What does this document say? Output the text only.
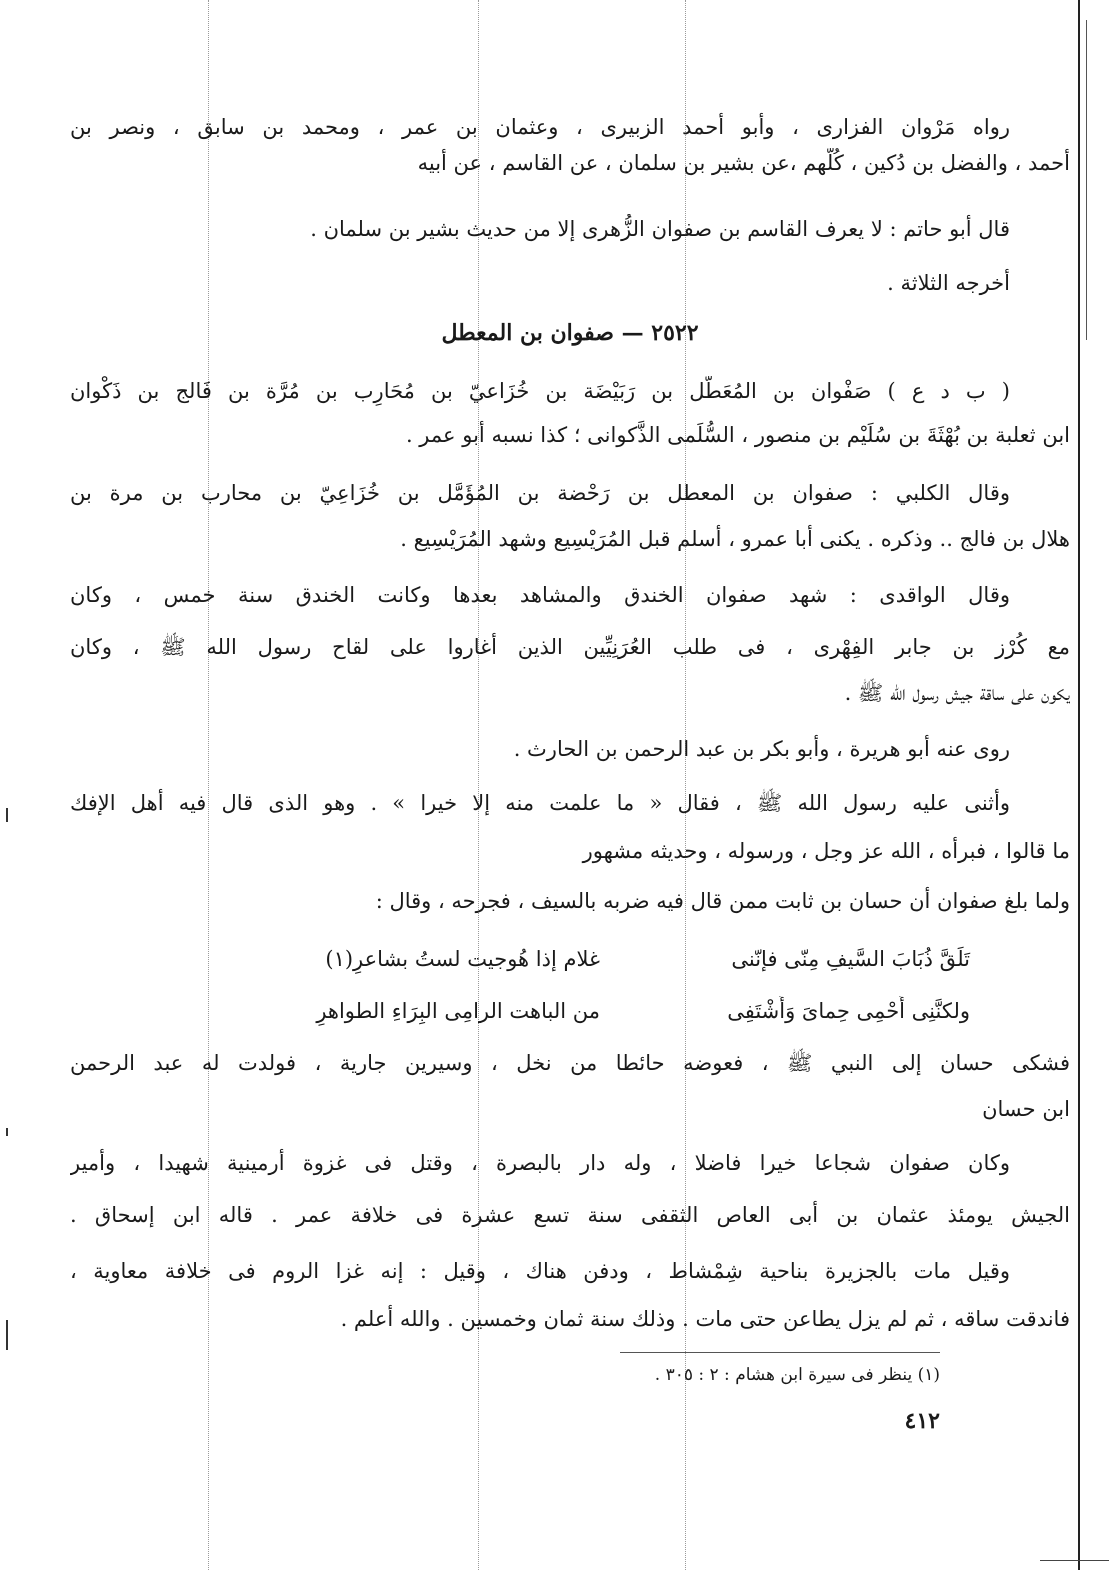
رواه مَرْوان الفزارى ، وأبو أحمد الزبيرى ، وعثمان بن عمر ، ومحمد بن سابق ، ونصر بن
أحمد ، والفضل بن دُكين ، كُلُّهم ،عن بشير بن سلمان ، عن القاسم ، عن أبيه
قال أبو حاتم : لا يعرف القاسم بن صفوان الزُّهرى إلا من حديث بشير بن سلمان .
أخرجه الثلاثة .
٢٥٢٢ — صفوان بن المعطل
( ب د ع ) صَفْوان بن المُعَطَّل بن رَبَيْضَة بن خُزَاعيّ بن مُحَارِب بن مُرَّة بن فَالج بن ذَكْوان
ابن ثعلبة بن بُهْثَةَ بن سُلَيْم بن منصور ، السُّلَمى الذَّكوانى ؛ كذا نسبه أبو عمر .
وقال الكلبي : صفوان بن المعطل بن رَحْضة بن المُؤَمَّل بن خُزَاعِيّ بن محارب بن مرة بن
هلال بن فالج .. وذكره . يكنى أبا عمرو ، أسلم قبل المُرَيْسِيع وشهد المُرَيْسِيع .
وقال الواقدى : شهد صفوان الخندق والمشاهد بعدها وكانت الخندق سنة خمس ، وكان
مع كُرْز بن جابر الفِهْرى ، فى طلب العُرَنِيِّين الذين أغاروا على لقاح رسول الله ﷺ ، وكان
يكون على ساقة جيش رسول الله ﷺ .
روى عنه أبو هريرة ، وأبو بكر بن عبد الرحمن بن الحارث .
وأثنى عليه رسول الله ﷺ ، فقال « ما علمت منه إلا خيرا » . وهو الذى قال فيه أهل الإفك
ما قالوا ، فبرأه ، الله عز وجل ، ورسوله ، وحديثه مشهور
ولما بلغ صفوان أن حسان بن ثابت ممن قال فيه ضربه بالسيف ، فجرحه ، وقال :
تَلَقَّ ذُبَابَ السَّيفِ مِنّى فإنّنىغلام إذا هُوجيت لستُ بشاعرِ(١)
ولكنَّنِى أَحْمِى حِماىَ وَأَشْتَفِىمن الباهت الرامِى البِرَاءِ الطواهرِ
فشكى حسان إلى النبي ﷺ ، فعوضه حائطا من نخل ، وسيرين جارية ، فولدت له عبد الرحمن
ابن حسان
وكان صفوان شجاعا خيرا فاضلا ، وله دار بالبصرة ، وقتل فى غزوة أرمينية شهيدا ، وأمير
الجيش يومئذ عثمان بن أبى العاص الثقفى سنة تسع عشرة فى خلافة عمر . قاله ابن إسحاق .
وقيل مات بالجزيرة بناحية شِمْشاط ، ودفن هناك ، وقيل : إنه غزا الروم فى خلافة معاوية ،
فاندقت ساقه ، ثم لم يزل يطاعن حتى مات . وذلك سنة ثمان وخمسين . والله أعلم .
(١) ينظر فى سيرة ابن هشام : ٢ : ٣٠٥ .
٤١٢
